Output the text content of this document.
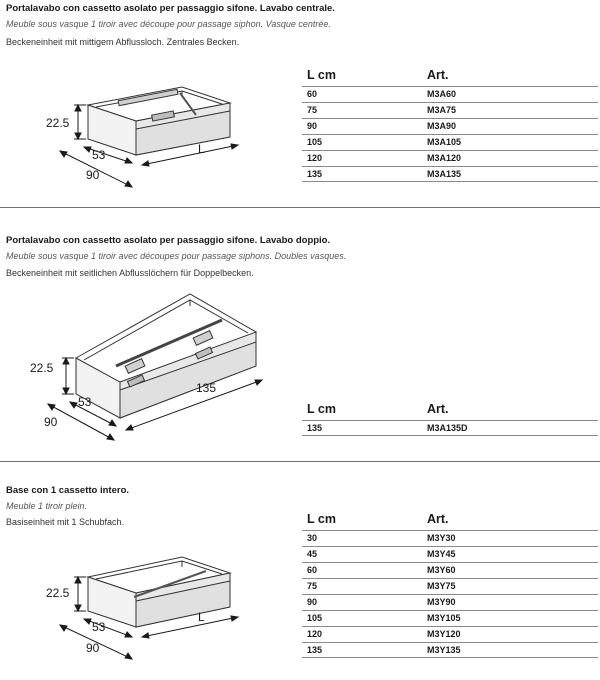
Portalavabo con cassetto asolato per passaggio sifone. Lavabo centrale.
Meuble sous vasque 1 tiroir avec découpe pour passage siphon. Vasque centrée.
Beckeneinheit mit mittigem Abflussloch. Zentrales Becken.
22.5
53
90
L
L cm	Art.
60	M3A60
75	M3A75
90	M3A90
105	M3A105
120	M3A120
135	M3A135
Portalavabo con cassetto asolato per passaggio sifone. Lavabo doppio.
Meuble sous vasque 1 tiroir avec découpes pour passage siphons. Doubles vasques.
Beckeneinheit mit seitlichen Abflusslöchern für Doppelbecken.
22.5
53
90
135
L cm	Art.
135	M3A135D
Base con 1 cassetto intero.
Meuble 1 tiroir plein.
Basiseinheit mit 1 Schubfach.
22.5
53
90
L
L cm	Art.
30	M3Y30
45	M3Y45
60	M3Y60
75	M3Y75
90	M3Y90
105	M3Y105
120	M3Y120
135	M3Y135
